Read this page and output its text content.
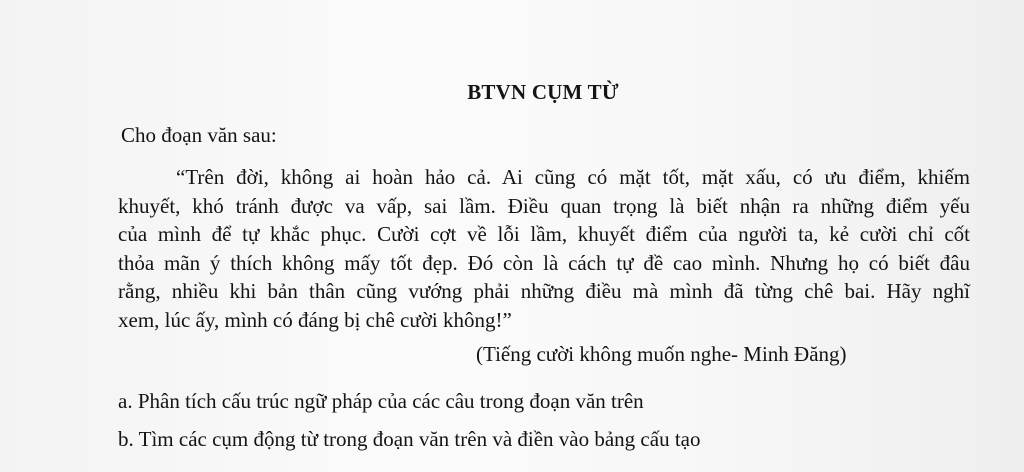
BTVN CỤM TỪ
Cho đoạn văn sau:
“Trên đời, không ai hoàn hảo cả. Ai cũng có mặt tốt, mặt xấu, có ưu điểm, khiếm
khuyết, khó tránh được va vấp, sai lầm. Điều quan trọng là biết nhận ra những điểm yếu
của mình để tự khắc phục. Cười cợt về lỗi lầm, khuyết điểm của người ta, kẻ cười chỉ cốt
thỏa mãn ý thích không mấy tốt đẹp. Đó còn là cách tự đề cao mình. Nhưng họ có biết đâu
rằng, nhiều khi bản thân cũng vướng phải những điều mà mình đã từng chê bai. Hãy nghĩ
xem, lúc ấy, mình có đáng bị chê cười không!”
(Tiếng cười không muốn nghe- Minh Đăng)
a. Phân tích cấu trúc ngữ pháp của các câu trong đoạn văn trên
b. Tìm các cụm động từ trong đoạn văn trên và điền vào bảng cấu tạo
